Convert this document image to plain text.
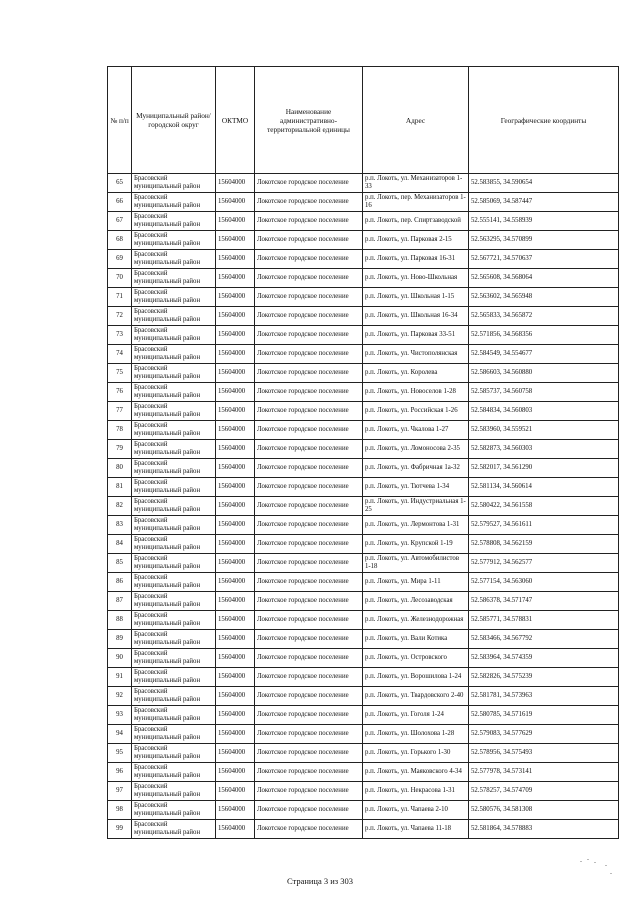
№ п/п	Муниципальный район/городской округ	ОКТМО	Наименование административно-территориальной единицы	Адрес	Географические координты
65	Брасовский муниципальный район	15604000	Локотское городское поселение	р.п. Локоть, ул. Механизаторов 1-33	52.583855, 34.590654
66	Брасовский муниципальный район	15604000	Локотское городское поселение	р.п. Локоть, пер. Механизаторов 1-16	52.585069, 34.587447
67	Брасовский муниципальный район	15604000	Локотское городское поселение	р.п. Локоть, пер. Спиртзаводской	52.555141, 34.558939
68	Брасовский муниципальный район	15604000	Локотское городское поселение	р.п. Локоть, ул. Парковая 2-15	52.563295, 34.570899
69	Брасовский муниципальный район	15604000	Локотское городское поселение	р.п. Локоть, ул. Парковая 16-31	52.567721, 34.570637
70	Брасовский муниципальный район	15604000	Локотское городское поселение	р.п. Локоть, ул. Ново-Школьная	52.565608, 34.568064
71	Брасовский муниципальный район	15604000	Локотское городское поселение	р.п. Локоть, ул. Школьная 1-15	52.563602, 34.565948
72	Брасовский муниципальный район	15604000	Локотское городское поселение	р.п. Локоть, ул. Школьная 16-34	52.565833, 34.565872
73	Брасовский муниципальный район	15604000	Локотское городское поселение	р.п. Локоть, ул. Парковая 33-51	52.571856, 34.568356
74	Брасовский муниципальный район	15604000	Локотское городское поселение	р.п. Локоть, ул. Чистополянская	52.584549, 34.554677
75	Брасовский муниципальный район	15604000	Локотское городское поселение	р.п. Локоть, ул. Королева	52.586603, 34.560880
76	Брасовский муниципальный район	15604000	Локотское городское поселение	р.п. Локоть, ул. Новоселов 1-28	52.585737, 34.560758
77	Брасовский муниципальный район	15604000	Локотское городское поселение	р.п. Локоть, ул. Российская 1-26	52.584834, 34.560803
78	Брасовский муниципальный район	15604000	Локотское городское поселение	р.п. Локоть, ул. Чкалова 1-27	52.583960, 34.559521
79	Брасовский муниципальный район	15604000	Локотское городское поселение	р.п. Локоть, ул. Ломоносова 2-35	52.582873, 34.560303
80	Брасовский муниципальный район	15604000	Локотское городское поселение	р.п. Локоть, ул. Фабричная 1а-32	52.582017, 34.561290
81	Брасовский муниципальный район	15604000	Локотское городское поселение	р.п. Локоть, ул. Тютчева 1-34	52.581134, 34.560614
82	Брасовский муниципальный район	15604000	Локотское городское поселение	р.п. Локоть, ул. Индустриальная 1-25	52.580422, 34.561558
83	Брасовский муниципальный район	15604000	Локотское городское поселение	р.п. Локоть, ул. Лермонтова 1-31	52.579527, 34.561611
84	Брасовский муниципальный район	15604000	Локотское городское поселение	р.п. Локоть, ул. Крупской 1-19	52.578808, 34.562159
85	Брасовский муниципальный район	15604000	Локотское городское поселение	р.п. Локоть, ул. Автомобилистов 1-18	52.577912, 34.562577
86	Брасовский муниципальный район	15604000	Локотское городское поселение	р.п. Локоть, ул. Мира 1-11	52.577154, 34.563060
87	Брасовский муниципальный район	15604000	Локотское городское поселение	р.п. Локоть, ул. Лесозаводская	52.586378, 34.571747
88	Брасовский муниципальный район	15604000	Локотское городское поселение	р.п. Локоть, ул. Железнодорожная	52.585771, 34.578831
89	Брасовский муниципальный район	15604000	Локотское городское поселение	р.п. Локоть, ул. Вали Котика	52.583466, 34.567792
90	Брасовский муниципальный район	15604000	Локотское городское поселение	р.п. Локоть, ул. Островского	52.583964, 34.574359
91	Брасовский муниципальный район	15604000	Локотское городское поселение	р.п. Локоть, ул. Ворошилова 1-24	52.582826, 34.575239
92	Брасовский муниципальный район	15604000	Локотское городское поселение	р.п. Локоть, ул. Твардовского 2-40	52.581781, 34.573963
93	Брасовский муниципальный район	15604000	Локотское городское поселение	р.п. Локоть, ул. Гоголя 1-24	52.580785, 34.571619
94	Брасовский муниципальный район	15604000	Локотское городское поселение	р.п. Локоть, ул. Шолохова 1-28	52.579083, 34.577629
95	Брасовский муниципальный район	15604000	Локотское городское поселение	р.п. Локоть, ул. Горького 1-30	52.578956, 34.575493
96	Брасовский муниципальный район	15604000	Локотское городское поселение	р.п. Локоть, ул. Маяковского 4-34	52.577978, 34.573141
97	Брасовский муниципальный район	15604000	Локотское городское поселение	р.п. Локоть, ул. Некрасова 1-31	52.578257, 34.574709
98	Брасовский муниципальный район	15604000	Локотское городское поселение	р.п. Локоть, ул. Чапаева 2-10	52.580576, 34.581308
99	Брасовский муниципальный район	15604000	Локотское городское поселение	р.п. Локоть, ул. Чапаева 11-18	52.581864, 34.578883
Страница 3 из 303
